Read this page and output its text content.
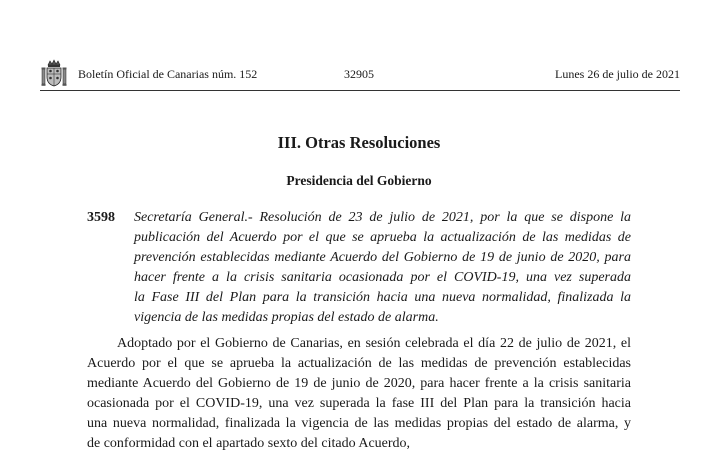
Boletín Oficial de Canarias núm. 152	32905	Lunes 26 de julio de 2021
III. Otras Resoluciones
Presidencia del Gobierno
3598 Secretaría General.- Resolución de 23 de julio de 2021, por la que se dispone la
publicación del Acuerdo por el que se aprueba la actualización de las medidas de
prevención establecidas mediante Acuerdo del Gobierno de 19 de junio de 2020, para
hacer frente a la crisis sanitaria ocasionada por el COVID-19, una vez superada
la Fase III del Plan para la transición hacia una nueva normalidad, finalizada la
vigencia de las medidas propias del estado de alarma.
Adoptado por el Gobierno de Canarias, en sesión celebrada el día 22 de julio de 2021, el
Acuerdo por el que se aprueba la actualización de las medidas de prevención establecidas
mediante Acuerdo del Gobierno de 19 de junio de 2020, para hacer frente a la crisis sanitaria
ocasionada por el COVID-19, una vez superada la fase III del Plan para la transición hacia
una nueva normalidad, finalizada la vigencia de las medidas propias del estado de alarma, y
de conformidad con el apartado sexto del citado Acuerdo,
